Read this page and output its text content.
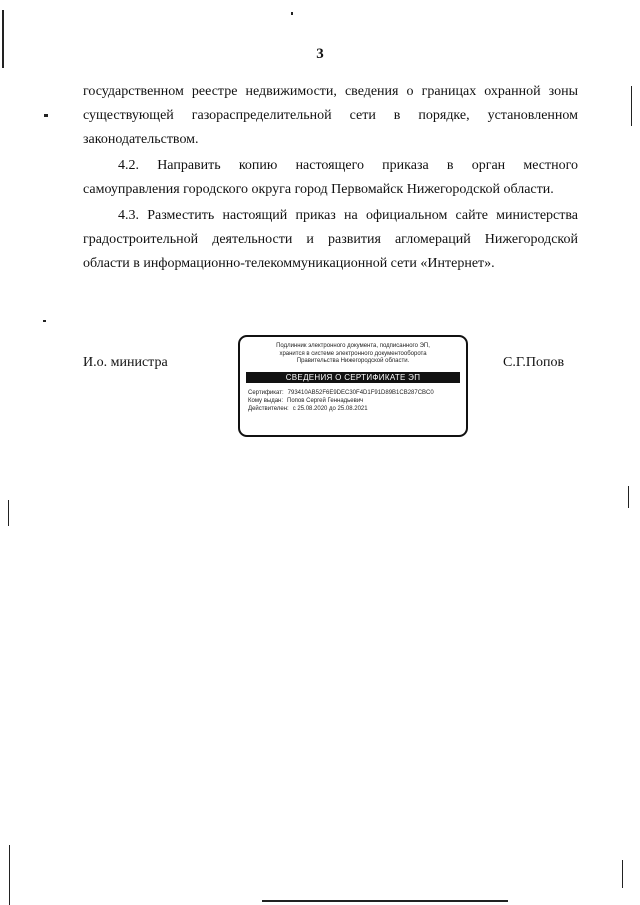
3

государственном реестре недвижимости, сведения о границах охранной зоны

существующей газораспределительной сети в порядке, установленном

законодательством.

4.2. Направить копию настоящего приказа в орган местного

самоуправления городского округа город Первомайск Нижегородской области.

4.3. Разместить настоящий приказ на официальном сайте министерства

градостроительной деятельности и развития агломераций Нижегородской

области в информационно-телекоммуникационной сети «Интернет».

И.о. министра	С.Г.Попов
Подлинник электронного документа, подписанного ЭП,
хранится в системе электронного документооборота
Правительства Нижегородской области.
СВЕДЕНИЯ О СЕРТИФИКАТЕ ЭП
Сертификат: 793410AB52F6E9DEC30F4D1F91D89B1CB287CBC0
Кому выдан: Попов Сергей Геннадьевич
Действителен: с 25.08.2020 до 25.08.2021
